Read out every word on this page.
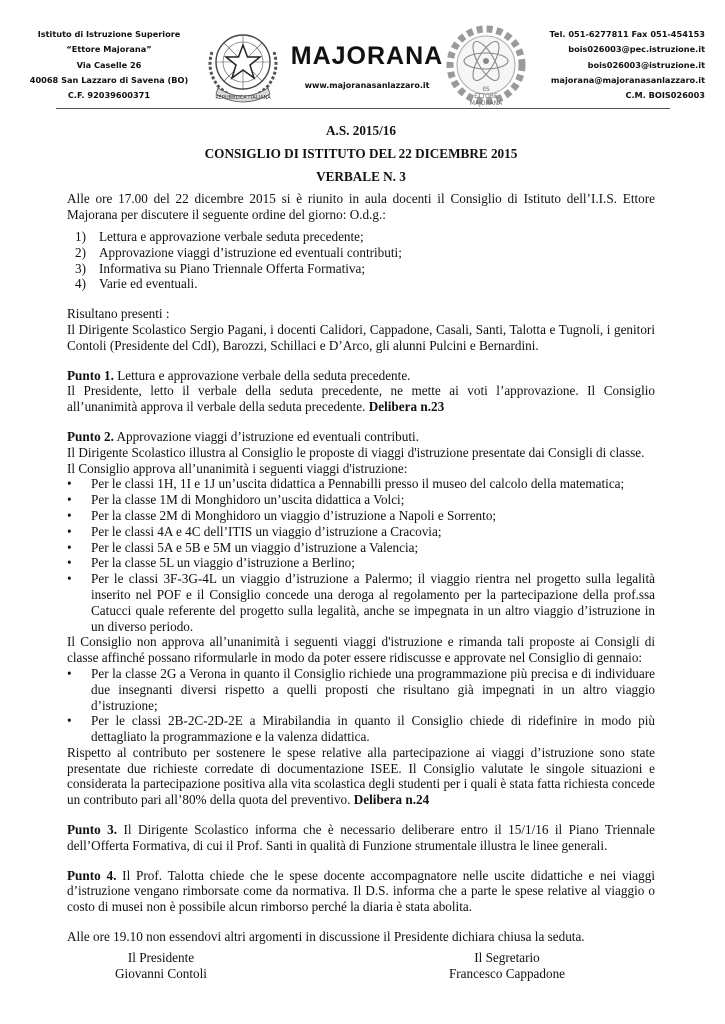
Istituto di Istruzione Superiore
“Ettore Majorana”
Via Caselle 26
40068 San Lazzaro di Savena (BO)
C.F. 92039600371	REPUBBLICA ITALIANA
MAJORANA
www.majoranasanlazzaro.it	IIS
ETTORE
MAJORANA
Tel. 051-6277811 Fax 051-454153
bois026003@pec.istruzione.it
bois026003@istruzione.it
majorana@majoranasanlazzaro.it
C.M. BOIS026003
A.S. 2015/16
CONSIGLIO DI ISTITUTO DEL 22 DICEMBRE 2015
VERBALE N. 3
Alle ore 17.00 del 22 dicembre 2015 si è riunito in aula docenti il Consiglio di Istituto dell’I.I.S. Ettore Majorana per discutere il seguente ordine del giorno: O.d.g.:
1) Lettura e approvazione verbale seduta precedente;
2) Approvazione viaggi d’istruzione ed eventuali contributi;
3) Informativa su Piano Triennale Offerta Formativa;
4) Varie ed eventuali.
Risultano presenti :
Il Dirigente Scolastico Sergio Pagani, i docenti Calidori, Cappadone, Casali, Santi, Talotta e Tugnoli, i genitori Contoli (Presidente del CdI), Barozzi, Schillaci e D’Arco, gli alunni Pulcini e Bernardini.
Punto 1. Lettura e approvazione verbale della seduta precedente.
Il Presidente, letto il verbale della seduta precedente, ne mette ai voti l’approvazione. Il Consiglio all’unanimità approva il verbale della seduta precedente. Delibera n.23
Punto 2. Approvazione viaggi d’istruzione ed eventuali contributi.
Il Dirigente Scolastico illustra al Consiglio le proposte di viaggi d'istruzione presentate dai Consigli di classe.
Il Consiglio approva all’unanimità i seguenti viaggi d'istruzione:
•	Per le classi 1H, 1I e 1J un’uscita didattica a Pennabilli presso il museo del calcolo della matematica;
•	Per la classe 1M di Monghidoro un’uscita didattica a Volci;
•	Per la classe 2M di Monghidoro un viaggio d’istruzione a Napoli e Sorrento;
•	Per le classi 4A e 4C dell’ITIS un viaggio d’istruzione a Cracovia;
•	Per le classi 5A e 5B e 5M un viaggio d’istruzione a Valencia;
•	Per la classe 5L un viaggio d’istruzione a Berlino;
•	Per le classi 3F-3G-4L un viaggio d’istruzione a Palermo; il viaggio rientra nel progetto sulla legalità inserito nel POF e il Consiglio concede una deroga al regolamento per la partecipazione della prof.ssa Catucci quale referente del progetto sulla legalità, anche se impegnata in un altro viaggio d’istruzione in un diverso periodo.
Il Consiglio non approva all’unanimità i seguenti viaggi d'istruzione e rimanda tali proposte ai Consigli di classe affinché possano riformularle in modo da poter essere ridiscusse e approvate nel Consiglio di gennaio:
•	Per la classe 2G a Verona in quanto il Consiglio richiede una programmazione più precisa e di individuare due insegnanti diversi rispetto a quelli proposti che risultano già impegnati in un altro viaggio d’istruzione;
•	Per le classi 2B-2C-2D-2E a Mirabilandia in quanto il Consiglio chiede di ridefinire in modo più dettagliato la programmazione e la valenza didattica.
Rispetto al contributo per sostenere le spese relative alla partecipazione ai viaggi d’istruzione sono state presentate due richieste corredate di documentazione ISEE. Il Consiglio valutate le singole situazioni e considerata la partecipazione positiva alla vita scolastica degli studenti per i quali è stata fatta richiesta concede un contributo pari all’80% della quota del preventivo. Delibera n.24
Punto 3. Il Dirigente Scolastico informa che è necessario deliberare entro il 15/1/16 il Piano Triennale dell’Offerta Formativa, di cui il Prof. Santi in qualità di Funzione strumentale illustra le linee generali.
Punto 4. Il Prof. Talotta chiede che le spese docente accompagnatore nelle uscite didattiche e nei viaggi d’istruzione vengano rimborsate come da normativa. Il D.S. informa che a parte le spese relative al viaggio o costo di musei non è possibile alcun rimborso perché la diaria è stata abolita.
Alle ore 19.10 non essendovi altri argomenti in discussione il Presidente dichiara chiusa la seduta.
Il Presidente
Giovanni Contoli
Il Segretario
Francesco Cappadone
